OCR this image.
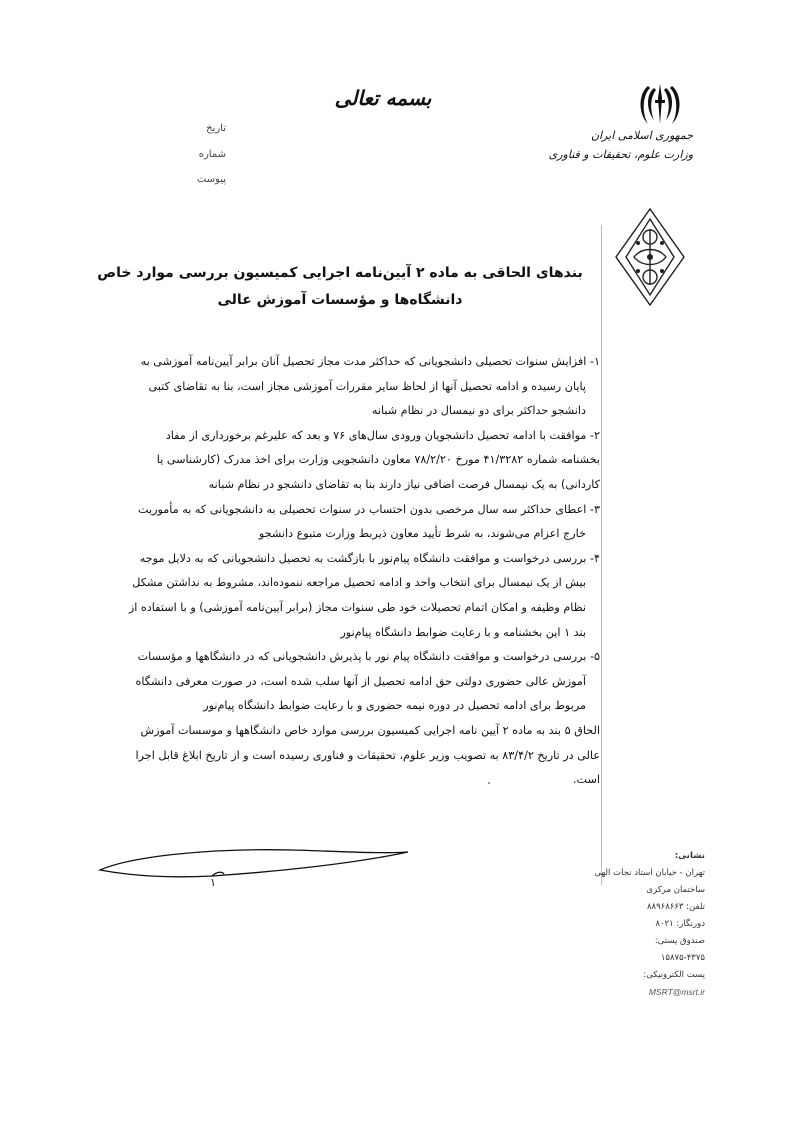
جمهوری اسلامی ایران
وزارت علوم، تحقیقات و فناوری
بسمه تعالی
تاریخ
شماره
پیوست
بندهای الحاقی به ماده ۲ آیین‌نامه اجرایی کمیسیون بررسی موارد خاص
دانشگاه‌ها و مؤسسات آموزش عالی

۱- افزایش سنوات تحصیلی دانشجویانی که حداکثر مدت مجاز تحصیل آنان برابر آیین‌نامه آموزشی به

پایان رسیده و ادامه تحصیل آنها از لحاظ سایر مقررات آموزشی مجاز است، بنا به تقاضای کتبی

دانشجو حداکثر برای دو نیمسال در نظام شبانه

۲- موافقت با ادامه تحصیل دانشجویان ورودی سال‌های ۷۶ و بعد که علیرغم برخورداری از مفاد

بخشنامه شماره ۴۱/۳۲۸۲ مورخ ۷۸/۲/۲۰ معاون دانشجویی وزارت برای اخذ مدرک (کارشناسی یا

کاردانی) به یک نیمسال فرصت اضافی نیاز دارند بنا به تقاضای دانشجو در نظام شبانه

۳- اعطای حداکثر سه سال مرخصی بدون احتساب در سنوات تحصیلی به دانشجویانی که به مأموریت

خارج اعزام می‌شوند، به شرط تأیید معاون ذیربط وزارت متبوع دانشجو

۴- بررسی درخواست و موافقت دانشگاه پیام‌نور با بازگشت به تحصیل دانشجویانی که به دلایل موجه

بیش از یک نیمسال برای انتخاب واحد و ادامه تحصیل مراجعه ننموده‌اند، مشروط به نداشتن مشکل

نظام وظیفه و امکان اتمام تحصیلات خود طی سنوات مجاز (برابر آیین‌نامه آموزشی) و با استفاده از

بند ۱ این بخشنامه و با رعایت ضوابط دانشگاه پیام‌نور

۵- بررسی درخواست و موافقت دانشگاه پیام نور با پذیرش دانشجویانی که در دانشگاهها و مؤسسات

آموزش عالی حضوری دولتی حق ادامه تحصیل از آنها سلب شده است، در صورت معرفی دانشگاه

مربوط برای ادامه تحصیل در دوره نیمه حضوری و با رعایت ضوابط دانشگاه پیام‌نور

الحاق ۵ بند به ماده ۲ آیین نامه اجرایی کمیسیون بررسی موارد خاص دانشگاهها و موسسات آموزش

عالی در تاریخ ۸۳/۴/۲ به تصویب وزیر علوم، تحقیقات و فناوری رسیده است و از تاریخ ابلاغ قابل اجرا

است.

۱
نشانی:
تهران - خیابان استاد نجات الهی
ساختمان مرکزی
تلفن: ۸۸۹۶۸۶۶۳
دورنگار: ۸۰۲۱
صندوق پستی:
۱۵۸۷۵-۴۳۷۵
پست الکترونیکی:
MSRT@msrt.ir
